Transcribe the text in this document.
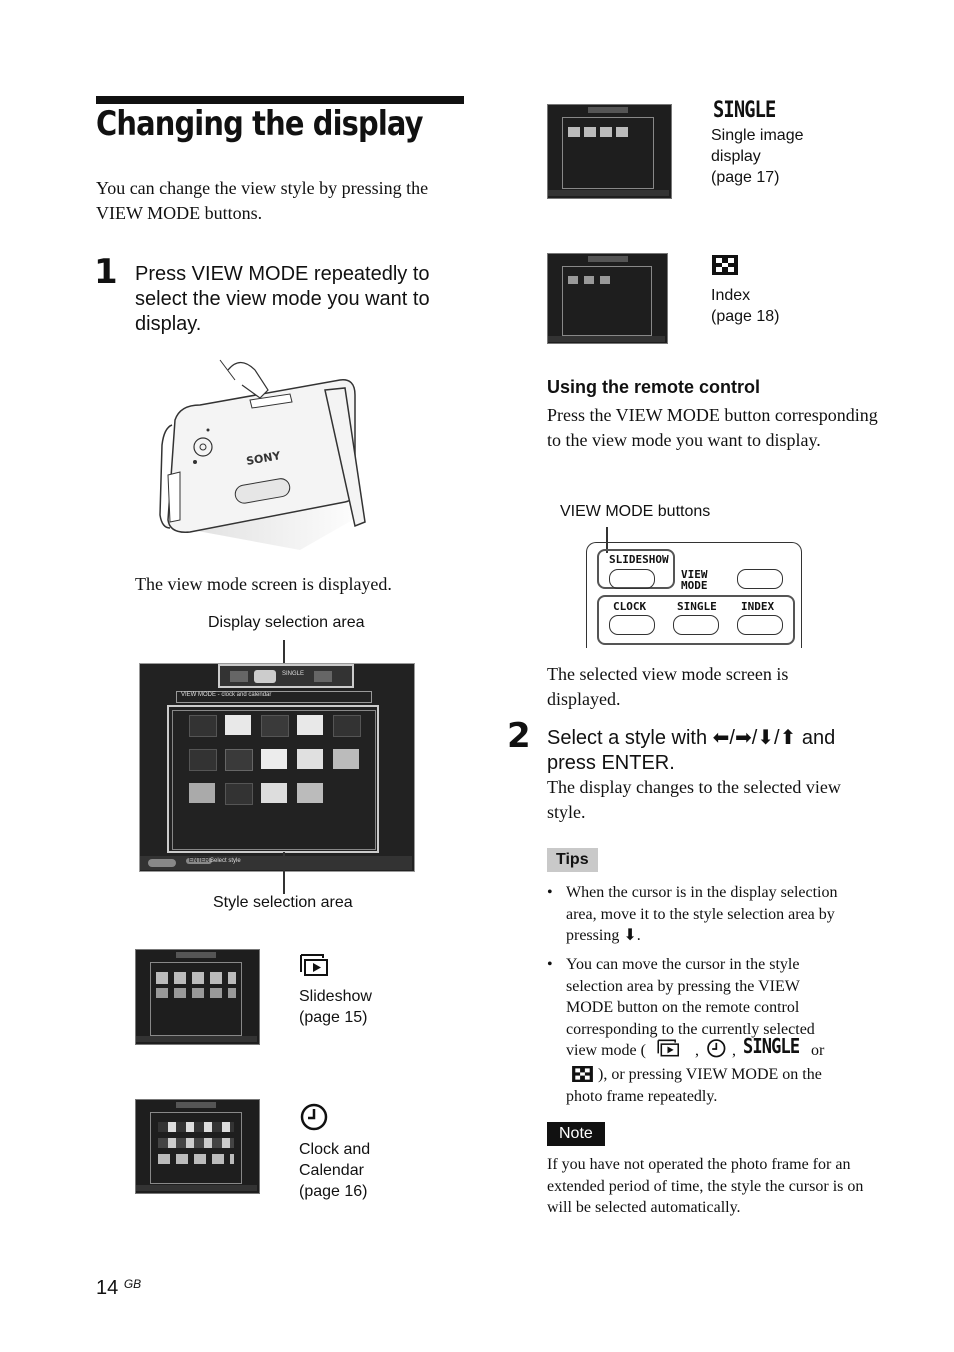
Changing the display
You can change the view style by pressing the VIEW MODE buttons.
1 Press VIEW MODE repeatedly to select the view mode you want to display.
SONY
The view mode screen is displayed.
Display selection area
SINGLE
VIEW MODE - clock and calendar
ENTER Select style
Style selection area
Slideshow
(page 15)
Clock and
Calendar
(page 16)
14 $^{GB}$
SINGLE
Single image
display
(page 17)
Index
(page 18)
Using the remote control
Press the VIEW MODE button corresponding to the view mode you want to display.
VIEW MODE buttons
SLIDESHOW
VIEW
MODE
CLOCK	SINGLE INDEX
The selected view mode screen is displayed.
2 Select a style with ⬅/➡/⬇/⬆ and
press ENTER.
The display changes to the selected view style.
Tips
• When the cursor is in the display selection
area, move it to the style selection area by
pressing ⬇.
• You can move the cursor in the style
selection area by pressing the VIEW
MODE button on the remote control
corresponding to the currently selected
view mode (	, , SINGLE or
), or pressing VIEW MODE on the
photo frame repeatedly.
Note
If you have not operated the photo frame for an extended period of time, the style the cursor is on will be selected automatically.
